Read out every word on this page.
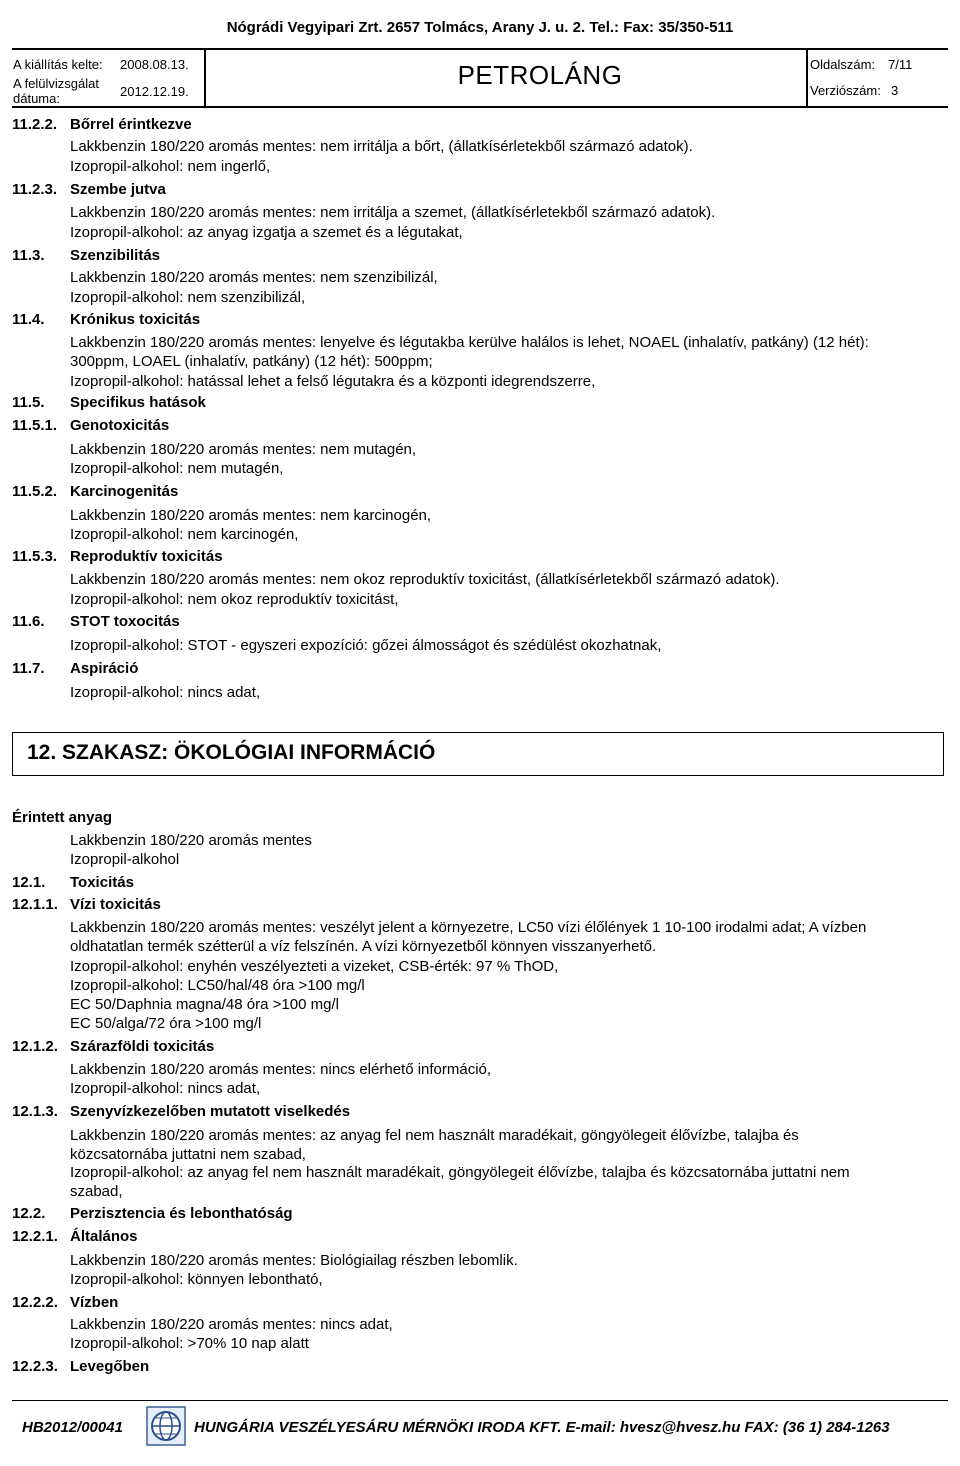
Nógrádi Vegyipari Zrt. 2657 Tolmács, Arany J. u. 2. Tel.: Fax: 35/350-511
A kiállítás kelte: 2008.08.13.
A felülvizsgálat
dátuma:	2012.12.19.
PETROLÁNG	Oldalszám: 7/11
Verziószám: 3
11.2.2. Bőrrel érintkezve
Lakkbenzin 180/220 aromás mentes: nem irritálja a bőrt, (állatkísérletekből származó adatok).
Izopropil-alkohol: nem ingerlő,
11.2.3. Szembe jutva
Lakkbenzin 180/220 aromás mentes: nem irritálja a szemet, (állatkísérletekből származó adatok).
Izopropil-alkohol: az anyag izgatja a szemet és a légutakat,
11.3. Szenzibilitás
Lakkbenzin 180/220 aromás mentes: nem szenzibilizál,
Izopropil-alkohol: nem szenzibilizál,
11.4. Krónikus toxicitás
Lakkbenzin 180/220 aromás mentes: lenyelve és légutakba kerülve halálos is lehet, NOAEL (inhalatív, patkány) (12 hét):
300ppm, LOAEL (inhalatív, patkány) (12 hét): 500ppm;
Izopropil-alkohol: hatással lehet a felső légutakra és a központi idegrendszerre,
11.5. Specifikus hatások
11.5.1. Genotoxicitás
Lakkbenzin 180/220 aromás mentes: nem mutagén,
Izopropil-alkohol: nem mutagén,
11.5.2. Karcinogenitás
Lakkbenzin 180/220 aromás mentes: nem karcinogén,
Izopropil-alkohol: nem karcinogén,
11.5.3. Reproduktív toxicitás
Lakkbenzin 180/220 aromás mentes: nem okoz reproduktív toxicitást, (állatkísérletekből származó adatok).
Izopropil-alkohol: nem okoz reproduktív toxicitást,
11.6. STOT toxocitás
Izopropil-alkohol: STOT - egyszeri expozíció: gőzei álmosságot és szédülést okozhatnak,
11.7. Aspiráció
Izopropil-alkohol: nincs adat,
12. SZAKASZ: ÖKOLÓGIAI INFORMÁCIÓ
Érintett anyag
Lakkbenzin 180/220 aromás mentes
Izopropil-alkohol
12.1. Toxicitás
12.1.1. Vízi toxicitás
Lakkbenzin 180/220 aromás mentes: veszélyt jelent a környezetre, LC50 vízi élőlények 1 10-100 irodalmi adat; A vízben
oldhatatlan termék szétterül a víz felszínén. A vízi környezetből könnyen visszanyerhető.
Izopropil-alkohol: enyhén veszélyezteti a vizeket, CSB-érték: 97 % ThOD,
Izopropil-alkohol: LC50/hal/48 óra >100 mg/l
EC 50/Daphnia magna/48 óra >100 mg/l
EC 50/alga/72 óra >100 mg/l
12.1.2. Szárazföldi toxicitás
Lakkbenzin 180/220 aromás mentes: nincs elérhető információ,
Izopropil-alkohol: nincs adat,
12.1.3. Szenyvízkezelőben mutatott viselkedés
Lakkbenzin 180/220 aromás mentes: az anyag fel nem használt maradékait, göngyölegeit élővízbe, talajba és
közcsatornába juttatni nem szabad,
Izopropil-alkohol: az anyag fel nem használt maradékait, göngyölegeit élővízbe, talajba és közcsatornába juttatni nem
szabad,
12.2. Perzisztencia és lebonthatóság
12.2.1. Általános
Lakkbenzin 180/220 aromás mentes: Biológiailag részben lebomlik.
Izopropil-alkohol: könnyen lebontható,
12.2.2. Vízben
Lakkbenzin 180/220 aromás mentes: nincs adat,
Izopropil-alkohol: >70% 10 nap alatt
12.2.3. Levegőben
HB2012/00041	HUNGÁRIA VESZÉLYESÁRU MÉRNÖKI IRODA KFT. E-mail: hvesz@hvesz.hu FAX: (36 1) 284-1263
